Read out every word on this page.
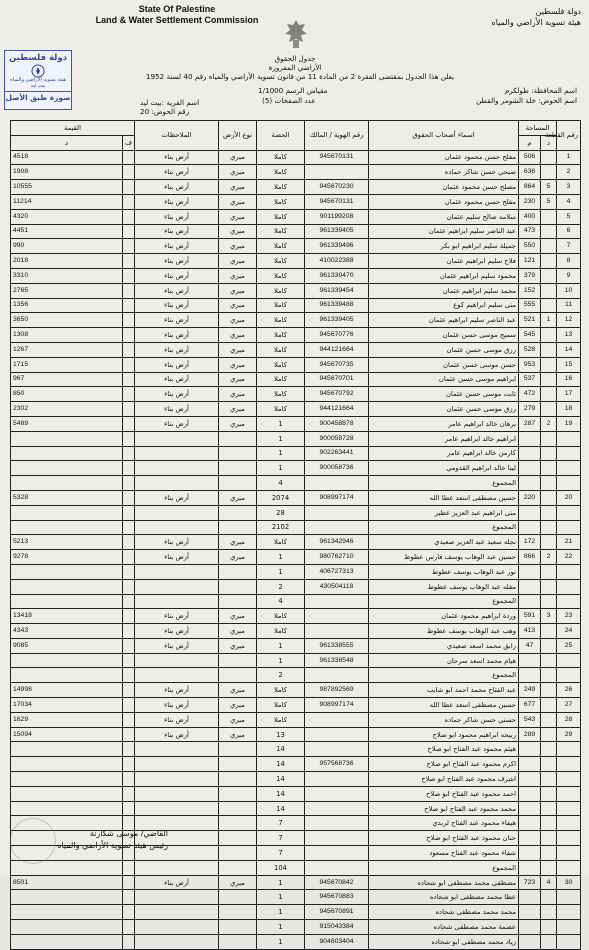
State Of Palestine
Land & Water Settlement Commission
دولة فلسطين
هيئة تسوية الأراضي والمياه
دولة فلسطين
هيئة تسوية الأراضي والمياه
بيت ليد
صورة طبق الأصل
جدول الحقوق
الأراضي المفروزة
يعلن هذا الجدول بمقتضى الفقرة 2 من المادة 11 من قانون تسوية الأراضي والمياه رقم 40 لسنة 1952
اسم المحافظة: طولكرم
اسم الحوض: خلة الشومر والقطن
مقياس الرسم 1/1000
عدد الصفحات (5)
اسم القرية :بيت ليد
رقم الحوض: 20
رقم القطعة	المساحة		اسماء أصحاب الحقوق	رقم الهوية / المالك	الحصة	نوع الأرض	الملاحظات	القيمة	
	د	م						ف	د
1		506	مفلح حسن محمود عثمان	945670131	كاملا	ميري	أرض بناء		4518
2		636	صبحي حسن شاكر حماده		كاملا	ميري	أرض بناء		1908
3	5	864	مصلح حسن محمود عثمان	945670230	كاملا	ميري	أرض بناء		10555
4	5	230	مفلح حسن محمود عثمان	945670131	كاملا	ميري	أرض بناء		11214
5		400	سلامه صالح سليم عثمان	901199208	كاملا	ميري	أرض بناء		4320
6		473	عبد الناصر سليم ابراهيم عثمان	961339405	كاملا	ميري	أرض بناء		4451
7		550	جميلة سليم ابراهيم ابو بكر	961339496	كاملا	ميري	أرض بناء		990
8		121	فلاح سليم ابراهيم عثمان	410022388	كاملا	ميري	أرض بناء		2018
9		379	محمود سليم ابراهيم عثمان	961339470	كاملا	ميري	أرض بناء		3310
10		152	محمد سليم ابراهيم عثمان	961339454	كاملا	ميري	أرض بناء		2765
11		555	منى سليم ابراهيم كوع	961339488	كاملا	ميري	أرض بناء		1356
12	1	521	عبد الناصر سليم ابراهيم عثمان	961339405	كاملا	ميري	أرض بناء		3650
13		545	سميح موسى حسن عثمان	945670776	كاملا	ميري	أرض بناء		1308
14		528	رزق موسى حسن عثمان	944121664	كاملا	ميري	أرض بناء		1267
15		953	حسن موسى حسن عثمان	945670735	كاملا	ميري	أرض بناء		1715
16		537	ابراهيم موسى حسن عثمان	945670701	كاملا	ميري	أرض بناء		967
17		472	ثابت موسى حسن عثمان	945670792	كاملا	ميري	أرض بناء		850
18		279	رزق موسى حسن عثمان	944121664	كاملا	ميري	أرض بناء		2302
19	2	287	برهان خالد ابراهيم عامر	900458878	1	ميري	أرض بناء		5489
			ابراهيم خالد ابراهيم عامر	900058728	1				
			كارمن خالد ابراهيم عامر	902263441	1				
			لينا خالد ابراهيم القدومي	900058736	1				
			المجموع		4				
20		220	حسين مصطفى اسعد عطا الله	908997174	2074	ميري	أرض بناء		5328
			منى ابراهيم عبد العزيز عطير		28				
			المجموع		2102				
21		172	نجله سعيد عبد العزيز صعيدي	961342946	كاملا	ميري	أرض بناء		5213
22	2	866	حسين عبد الوهاب يوسف فارس عطوط	980762710	1	ميري	أرض بناء		9278
			نور عبد الوهاب يوسف عطوط	406727313	1				
			مقله عبد الوهاب يوسف عطوط	430504118	2				
			المجموع		4				
23	3	591	وردة ابراهيم محمود عثمان		كاملا	ميري	أرض بناء		13418
24		413	وهب عبد الوهاب يوسف عطوط		كاملا	ميري	أرض بناء		4343
25		47	رابق محمد اسعد صعيدي	961338555	1	ميري	أرض بناء		9085
			هيام محمد اسعد سرحان	961338548	1				
			المجموع		2				
26		249	عبد الفتاح محمد احمد ابو شايب	987892569	كاملا	ميري	أرض بناء		14998
27		677	حسين مصطفى اسعد عطا الله	908997174	كاملا	ميري	أرض بناء		17034
28		543	حسني حسن شاكر حماده		كاملا	ميري	أرض بناء		1629
29		289	ربيحه ابراهيم محمود ابو صلاح		13	ميري	أرض بناء		15094
			هيثم محمود عبد الفتاح ابو صلاح		14				
			اكرم محمود عبد الفتاح ابو صلاح	957568736	14				
			اشرف محمود عبد الفتاح ابو صلاح		14				
			احمد محمود عبد الفتاح ابو صلاح		14				
			محمد محمود عبد الفتاح ابو صلاح		14				
			هيفاء محمود عبد الفتاح لربدي		7				
			حنان محمود عبد الفتاح ابو صلاح		7				
			شفاء محمود عبد الفتاح مسعود		7				
			المجموع		104				
30	4	723	مصطفى محمد مصطفى ابو شحاده	945670842	1	ميري	أرض بناء		8501
			عطا محمد مصطفى ابو شحاده	945670883	1				
			محمد محمد مصطفى شحاده	945670891	1				
			عصمة محمد مصطفى شحاده	915043384	1				
			زياد محمد مصطفى ابو شحاده	904603404	1				
القاضي/ موسى شكارنة
رئيس هيئة تسوية الأراضي والمياه
